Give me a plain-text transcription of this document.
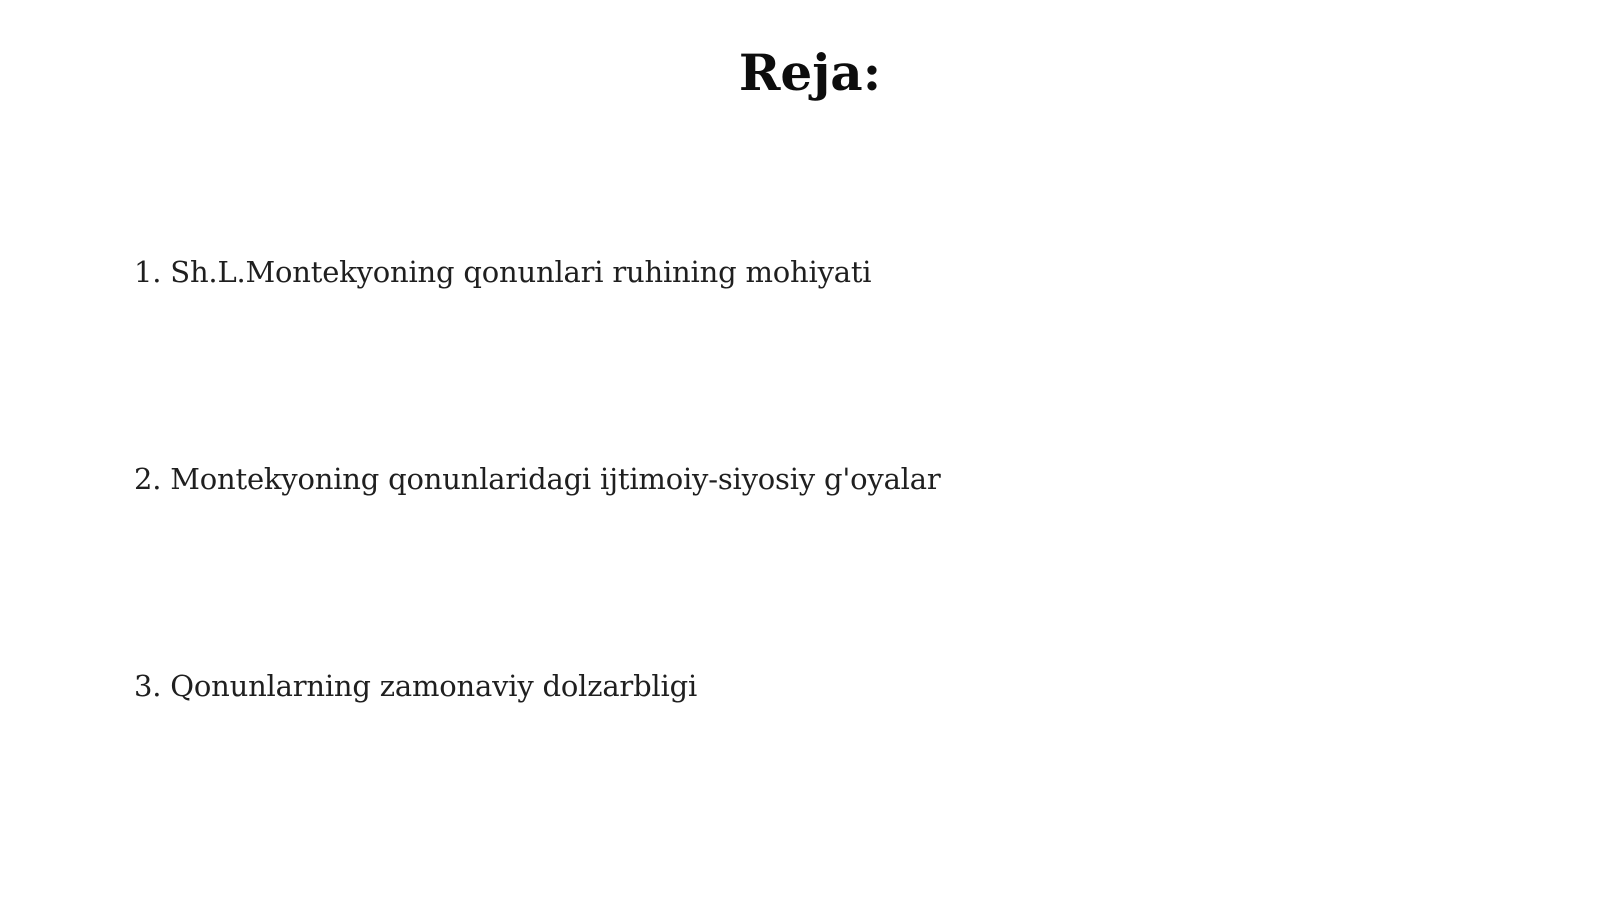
Reja:
1. Sh.L.Montekyoning qonunlari ruhining mohiyati
2. Montekyoning qonunlaridagi ijtimoiy-siyosiy g'oyalar
3. Qonunlarning zamonaviy dolzarbligi
